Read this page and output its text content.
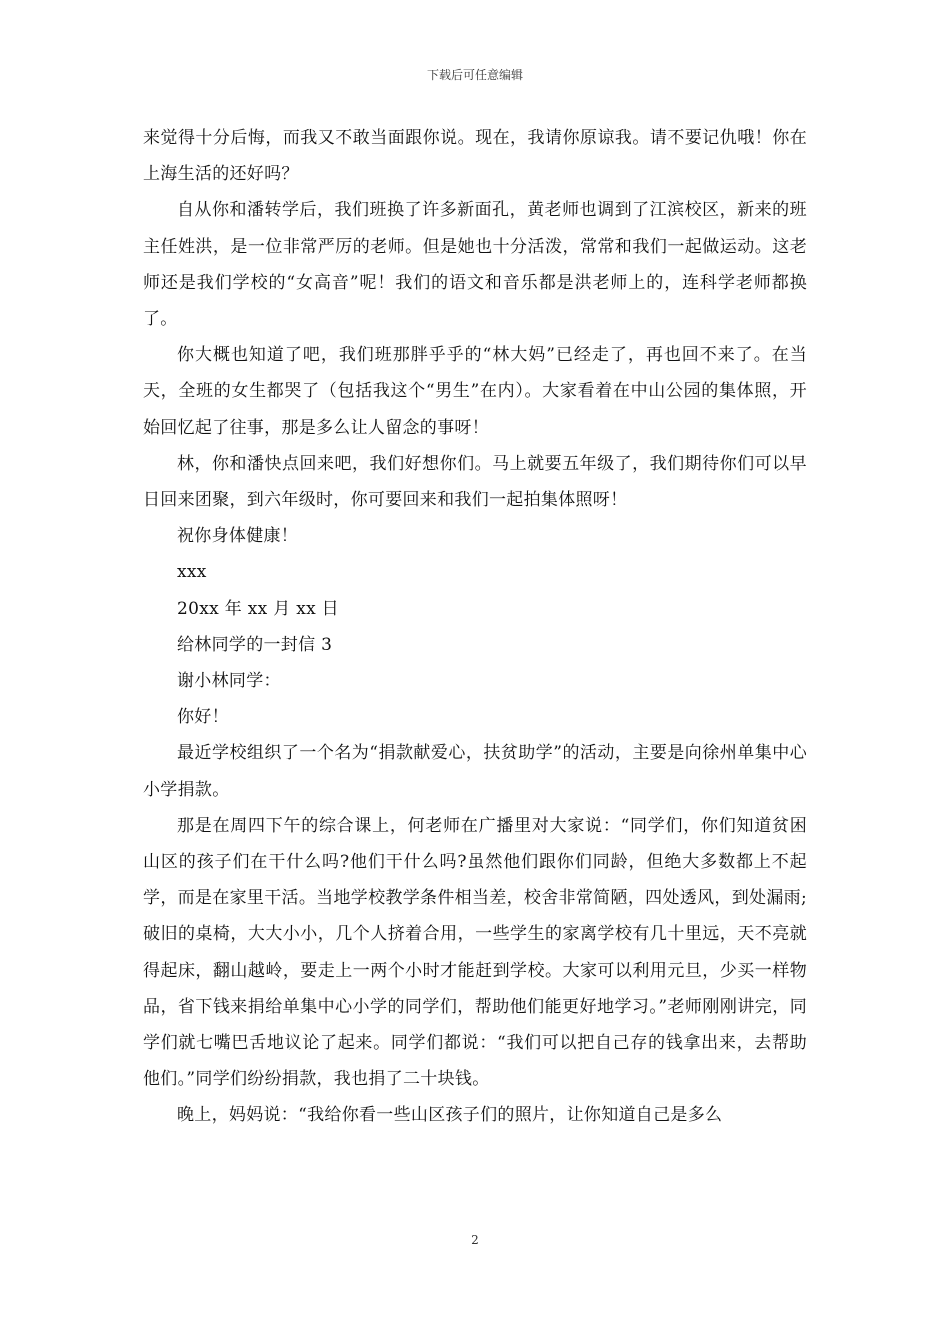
下载后可任意编辑

来觉得十分后悔，而我又不敢当面跟你说。现在，我请你原谅我。请不要记仇哦！你在上海生活的还好吗？

自从你和潘转学后，我们班换了许多新面孔，黄老师也调到了江滨校区，新来的班主任姓洪，是一位非常严厉的老师。但是她也十分活泼，常常和我们一起做运动。这老师还是我们学校的“女高音”呢！我们的语文和音乐都是洪老师上的，连科学老师都换了。

你大概也知道了吧，我们班那胖乎乎的“林大妈”已经走了，再也回不来了。在当天，全班的女生都哭了（包括我这个“男生”在内）。大家看着在中山公园的集体照，开始回忆起了往事，那是多么让人留念的事呀！

林，你和潘快点回来吧，我们好想你们。马上就要五年级了，我们期待你们可以早日回来团聚，到六年级时，你可要回来和我们一起拍集体照呀！

祝你身体健康！

xxx

20xx 年 xx 月 xx 日

给林同学的一封信 3

谢小林同学：

你好！

最近学校组织了一个名为“捐款献爱心，扶贫助学”的活动，主要是向徐州单集中心小学捐款。

那是在周四下午的综合课上，何老师在广播里对大家说：“同学们，你们知道贫困山区的孩子们在干什么吗?他们干什么吗?虽然他们跟你们同龄，但绝大多数都上不起学，而是在家里干活。当地学校教学条件相当差，校舍非常简陋，四处透风，到处漏雨;破旧的桌椅，大大小小，几个人挤着合用，一些学生的家离学校有几十里远，天不亮就得起床，翻山越岭，要走上一两个小时才能赶到学校。大家可以利用元旦，少买一样物品，省下钱来捐给单集中心小学的同学们，帮助他们能更好地学习。”老师刚刚讲完，同学们就七嘴巴舌地议论了起来。同学们都说：“我们可以把自己存的钱拿出来，去帮助他们。”同学们纷纷捐款，我也捐了二十块钱。

晚上，妈妈说：“我给你看一些山区孩子们的照片，让你知道自己是多么

2
